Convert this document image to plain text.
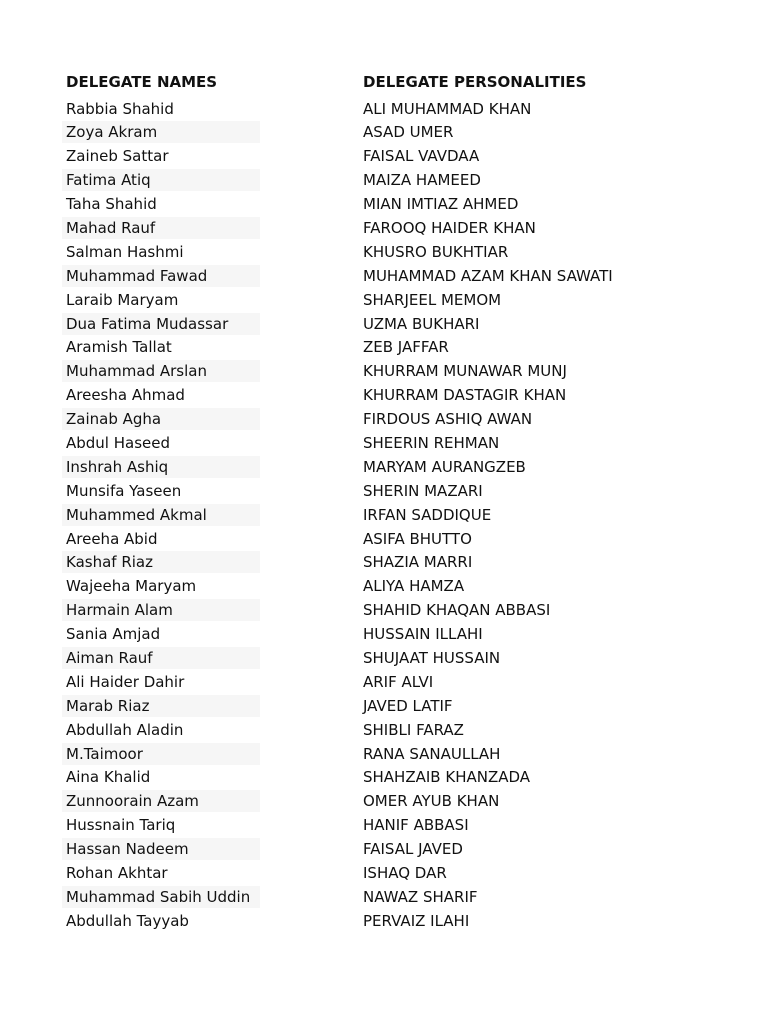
DELEGATE NAMES	DELEGATE PERSONALITIES
Rabbia Shahid	ALI MUHAMMAD KHAN
Zoya Akram	ASAD UMER
Zaineb Sattar	FAISAL VAVDAA
Fatima Atiq	MAIZA HAMEED
Taha Shahid	MIAN IMTIAZ AHMED
Mahad Rauf	FAROOQ HAIDER KHAN
Salman Hashmi	KHUSRO BUKHTIAR
Muhammad Fawad	MUHAMMAD AZAM KHAN SAWATI
Laraib Maryam	SHARJEEL MEMOM
Dua Fatima Mudassar	UZMA BUKHARI
Aramish Tallat	ZEB JAFFAR
Muhammad Arslan	KHURRAM MUNAWAR MUNJ
Areesha Ahmad	KHURRAM DASTAGIR KHAN
Zainab Agha	FIRDOUS ASHIQ AWAN
Abdul Haseed	SHEERIN REHMAN
Inshrah Ashiq	MARYAM AURANGZEB
Munsifa Yaseen	SHERIN MAZARI
Muhammed Akmal	IRFAN SADDIQUE
Areeha Abid	ASIFA BHUTTO
Kashaf Riaz	SHAZIA MARRI
Wajeeha Maryam	ALIYA HAMZA
Harmain Alam	SHAHID KHAQAN ABBASI
Sania Amjad	HUSSAIN ILLAHI
Aiman Rauf	SHUJAAT HUSSAIN
Ali Haider Dahir	ARIF ALVI
Marab Riaz	JAVED LATIF
Abdullah Aladin	SHIBLI FARAZ
M.Taimoor	RANA SANAULLAH
Aina Khalid	SHAHZAIB KHANZADA
Zunnoorain Azam	OMER AYUB KHAN
Hussnain Tariq	HANIF ABBASI
Hassan Nadeem	FAISAL JAVED
Rohan Akhtar	ISHAQ DAR
Muhammad Sabih Uddin	NAWAZ SHARIF
Abdullah Tayyab	PERVAIZ ILAHI
